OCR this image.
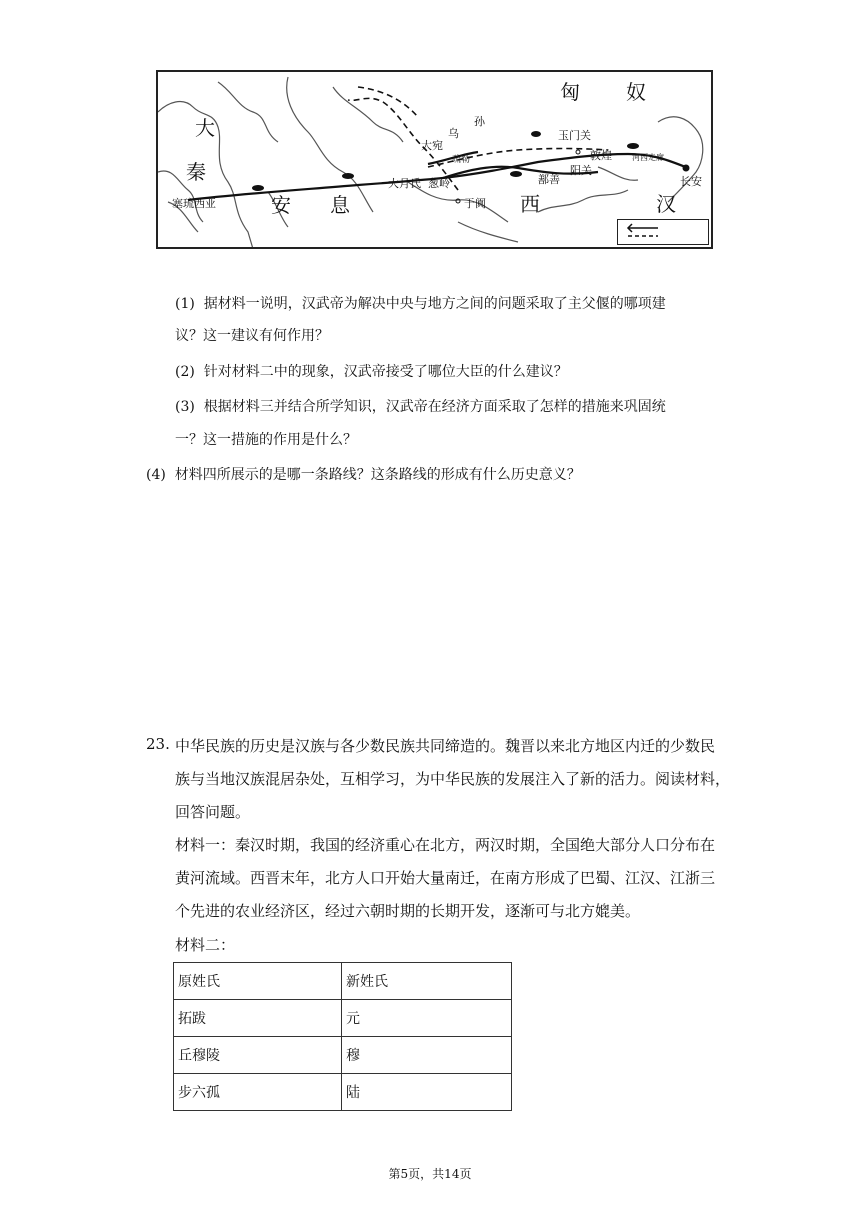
匈 奴
大
秦
乌
孙
大宛
疏勒
玉门关
敦煌	河西走廊
阳关
鄯善
大月氏 葱岭
于阗 西	汉
长安
安 息
塞琉西亚
(1) 据材料一说明，汉武帝为解决中央与地方之间的问题采取了主父偃的哪项建
议？这一建议有何作用？
(2) 针对材料二中的现象，汉武帝接受了哪位大臣的什么建议？
(3) 根据材料三并结合所学知识，汉武帝在经济方面采取了怎样的措施来巩固统
一？这一措施的作用是什么？
(4) 材料四所展示的是哪一条路线？这条路线的形成有什么历史意义？
23. 中华民族的历史是汉族与各少数民族共同缔造的。魏晋以来北方地区内迁的少数民
族与当地汉族混居杂处，互相学习，为中华民族的发展注入了新的活力。阅读材料，
回答问题。
材料一：秦汉时期，我国的经济重心在北方，两汉时期，全国绝大部分人口分布在
黄河流域。西晋末年，北方人口开始大量南迁，在南方形成了巴蜀、江汉、江浙三
个先进的农业经济区，经过六朝时期的长期开发，逐渐可与北方媲美。
材料二：
原姓氏	新姓氏
拓跋	元
丘穆陵	穆
步六孤	陆
第5页，共14页
